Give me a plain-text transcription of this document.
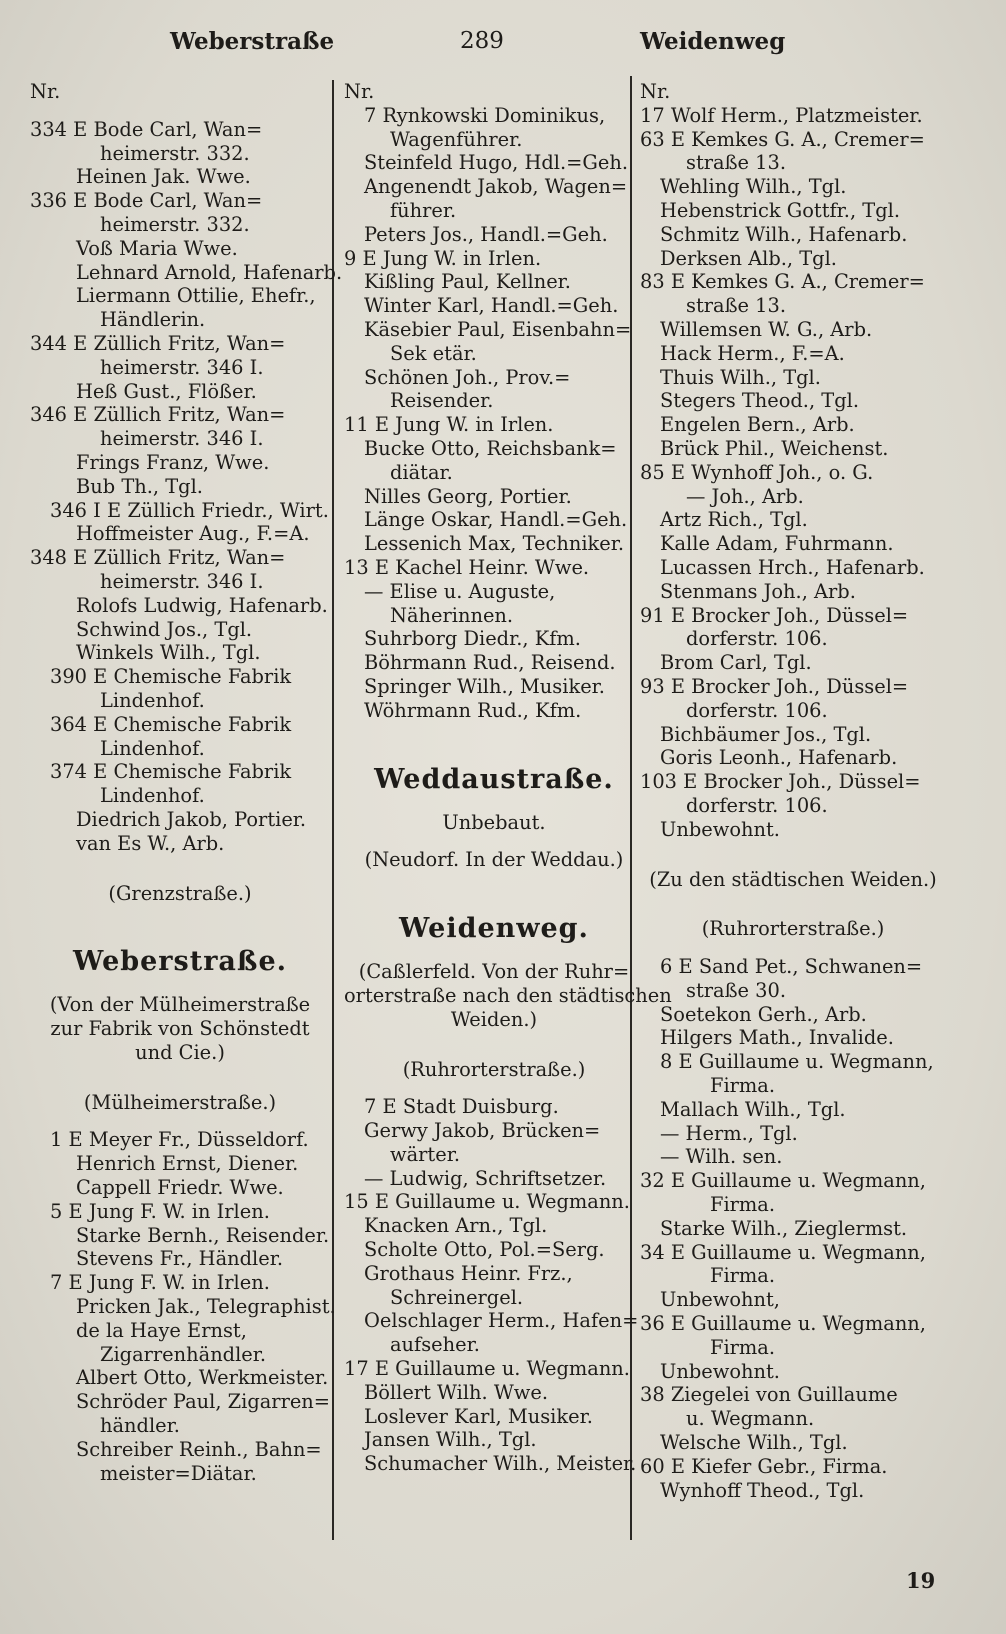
Weberstraße	289	Weidenweg
Nr.
334 E Bode Carl, Wan=
heimerstr. 332.
Heinen Jak. Wwe.
336 E Bode Carl, Wan=
heimerstr. 332.
Voß Maria Wwe.
Lehnard Arnold, Hafenarb.
Liermann Ottilie, Ehefr.,
Händlerin.
344 E Züllich Fritz, Wan=
heimerstr. 346 I.
Heß Gust., Flößer.
346 E Züllich Fritz, Wan=
heimerstr. 346 I.
Frings Franz, Wwe.
Bub Th., Tgl.
346 I E Züllich Friedr., Wirt.
Hoffmeister Aug., F.=A.
348 E Züllich Fritz, Wan=
heimerstr. 346 I.
Rolofs Ludwig, Hafenarb.
Schwind Jos., Tgl.
Winkels Wilh., Tgl.
390 E Chemische Fabrik
Lindenhof.
364 E Chemische Fabrik
Lindenhof.
374 E Chemische Fabrik
Lindenhof.
Diedrich Jakob, Portier.
van Es W., Arb.
(Grenzstraße.)
Weberstraße.
(Von der Mülheimerstraße
zur Fabrik von Schönstedt
und Cie.)
(Mülheimerstraße.)
1 E Meyer Fr., Düsseldorf.
Henrich Ernst, Diener.
Cappell Friedr. Wwe.
5 E Jung F. W. in Irlen.
Starke Bernh., Reisender.
Stevens Fr., Händler.
7 E Jung F. W. in Irlen.
Pricken Jak., Telegraphist.
de la Haye Ernst,
Zigarrenhändler.
Albert Otto, Werkmeister.
Schröder Paul, Zigarren=
händler.
Schreiber Reinh., Bahn=
meister=Diätar.
Nr.
7 Rynkowski Dominikus,
Wagenführer.
Steinfeld Hugo, Hdl.=Geh.
Angenendt Jakob, Wagen=
führer.
Peters Jos., Handl.=Geh.
9 E Jung W. in Irlen.
Kißling Paul, Kellner.
Winter Karl, Handl.=Geh.
Käsebier Paul, Eisenbahn=
Sek etär.
Schönen Joh., Prov.=
Reisender.
11 E Jung W. in Irlen.
Bucke Otto, Reichsbank=
diätar.
Nilles Georg, Portier.
Länge Oskar, Handl.=Geh.
Lessenich Max, Techniker.
13 E Kachel Heinr. Wwe.
— Elise u. Auguste,
Näherinnen.
Suhrborg Diedr., Kfm.
Böhrmann Rud., Reisend.
Springer Wilh., Musiker.
Wöhrmann Rud., Kfm.
Weddaustraße.
Unbebaut.
(Neudorf. In der Weddau.)
Weidenweg.
(Caßlerfeld. Von der Ruhr=
orterstraße nach den städtischen
Weiden.)
(Ruhrorterstraße.)
7 E Stadt Duisburg.
Gerwy Jakob, Brücken=
wärter.
— Ludwig, Schriftsetzer.
15 E Guillaume u. Wegmann.
Knacken Arn., Tgl.
Scholte Otto, Pol.=Serg.
Grothaus Heinr. Frz.,
Schreinergel.
Oelschlager Herm., Hafen=
aufseher.
17 E Guillaume u. Wegmann.
Böllert Wilh. Wwe.
Loslever Karl, Musiker.
Jansen Wilh., Tgl.
Schumacher Wilh., Meister.
Nr.
17 Wolf Herm., Platzmeister.
63 E Kemkes G. A., Cremer=
straße 13.
Wehling Wilh., Tgl.
Hebenstrick Gottfr., Tgl.
Schmitz Wilh., Hafenarb.
Derksen Alb., Tgl.
83 E Kemkes G. A., Cremer=
straße 13.
Willemsen W. G., Arb.
Hack Herm., F.=A.
Thuis Wilh., Tgl.
Stegers Theod., Tgl.
Engelen Bern., Arb.
Brück Phil., Weichenst.
85 E Wynhoff Joh., o. G.
— Joh., Arb.
Artz Rich., Tgl.
Kalle Adam, Fuhrmann.
Lucassen Hrch., Hafenarb.
Stenmans Joh., Arb.
91 E Brocker Joh., Düssel=
dorferstr. 106.
Brom Carl, Tgl.
93 E Brocker Joh., Düssel=
dorferstr. 106.
Bichbäumer Jos., Tgl.
Goris Leonh., Hafenarb.
103 E Brocker Joh., Düssel=
dorferstr. 106.
Unbewohnt.
(Zu den städtischen Weiden.)
(Ruhrorterstraße.)
6 E Sand Pet., Schwanen=
straße 30.
Soetekon Gerh., Arb.
Hilgers Math., Invalide.
8 E Guillaume u. Wegmann,
Firma.
Mallach Wilh., Tgl.
— Herm., Tgl.
— Wilh. sen.
32 E Guillaume u. Wegmann,
Firma.
Starke Wilh., Zieglermst.
34 E Guillaume u. Wegmann,
Firma.
Unbewohnt,
36 E Guillaume u. Wegmann,
Firma.
Unbewohnt.
38 Ziegelei von Guillaume
u. Wegmann.
Welsche Wilh., Tgl.
60 E Kiefer Gebr., Firma.
Wynhoff Theod., Tgl.
19
